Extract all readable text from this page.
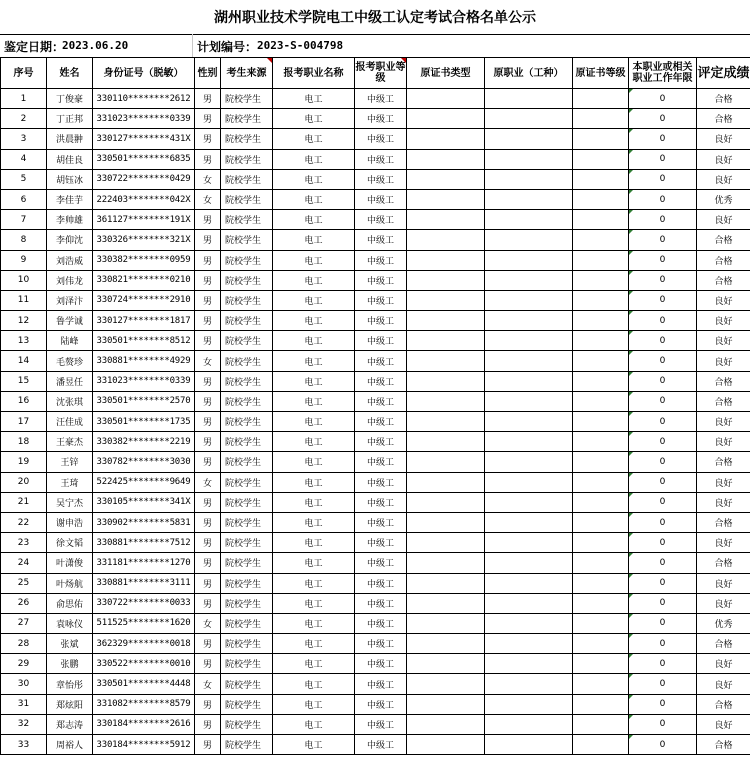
湖州职业技术学院电工中级工认定考试合格名单公示
鉴定日期：
2023.06.20	计划编号： 2023-S-004798
序号	姓名	身份证号（脱敏）	性别	考生来源	报考职业名称	报考职业等级	原证书类型	原职业（工种）	原证书等级	本职业或相关职业工作年限	评定成绩
1	丁俊豪	330110********2612	男	院校学生	电工	中级工				0	合格
2	丁正邦	331023********0339	男	院校学生	电工	中级工				0	合格
3	洪晨翀	330127********431X	男	院校学生	电工	中级工				0	良好
4	胡佳良	330501********6835	男	院校学生	电工	中级工				0	良好
5	胡钰冰	330722********0429	女	院校学生	电工	中级工				0	良好
6	李佳芋	222403********042X	女	院校学生	电工	中级工				0	优秀
7	李帅雄	361127********191X	男	院校学生	电工	中级工				0	良好
8	李仰沈	330326********321X	男	院校学生	电工	中级工				0	合格
9	刘浩威	330382********0959	男	院校学生	电工	中级工				0	合格
10	刘伟龙	330821********0210	男	院校学生	电工	中级工				0	合格
11	刘泽汴	330724********2910	男	院校学生	电工	中级工				0	良好
12	鲁学诚	330127********1817	男	院校学生	电工	中级工				0	良好
13	陆峰	330501********8512	男	院校学生	电工	中级工				0	良好
14	毛赘珍	330881********4929	女	院校学生	电工	中级工				0	良好
15	潘昱任	331023********0339	男	院校学生	电工	中级工				0	合格
16	沈张琪	330501********2570	男	院校学生	电工	中级工				0	合格
17	汪佳成	330501********1735	男	院校学生	电工	中级工				0	良好
18	王豪杰	330382********2219	男	院校学生	电工	中级工				0	良好
19	王锌	330782********3030	男	院校学生	电工	中级工				0	合格
20	王琦	522425********9649	女	院校学生	电工	中级工				0	良好
21	吴宁杰	330105********341X	男	院校学生	电工	中级工				0	良好
22	谢申浩	330902********5831	男	院校学生	电工	中级工				0	合格
23	徐文韬	330881********7512	男	院校学生	电工	中级工				0	良好
24	叶潇俊	331181********1270	男	院校学生	电工	中级工				0	合格
25	叶炀航	330881********3111	男	院校学生	电工	中级工				0	良好
26	俞思佑	330722********0033	男	院校学生	电工	中级工				0	良好
27	袁咏仪	511525********1620	女	院校学生	电工	中级工				0	优秀
28	张斌	362329********0018	男	院校学生	电工	中级工				0	合格
29	张鹏	330522********0010	男	院校学生	电工	中级工				0	良好
30	章怡彤	330501********4448	女	院校学生	电工	中级工				0	良好
31	郑炫阳	331082********8579	男	院校学生	电工	中级工				0	合格
32	郑志涛	330184********2616	男	院校学生	电工	中级工				0	良好
33	周裕人	330184********5912	男	院校学生	电工	中级工				0	合格
